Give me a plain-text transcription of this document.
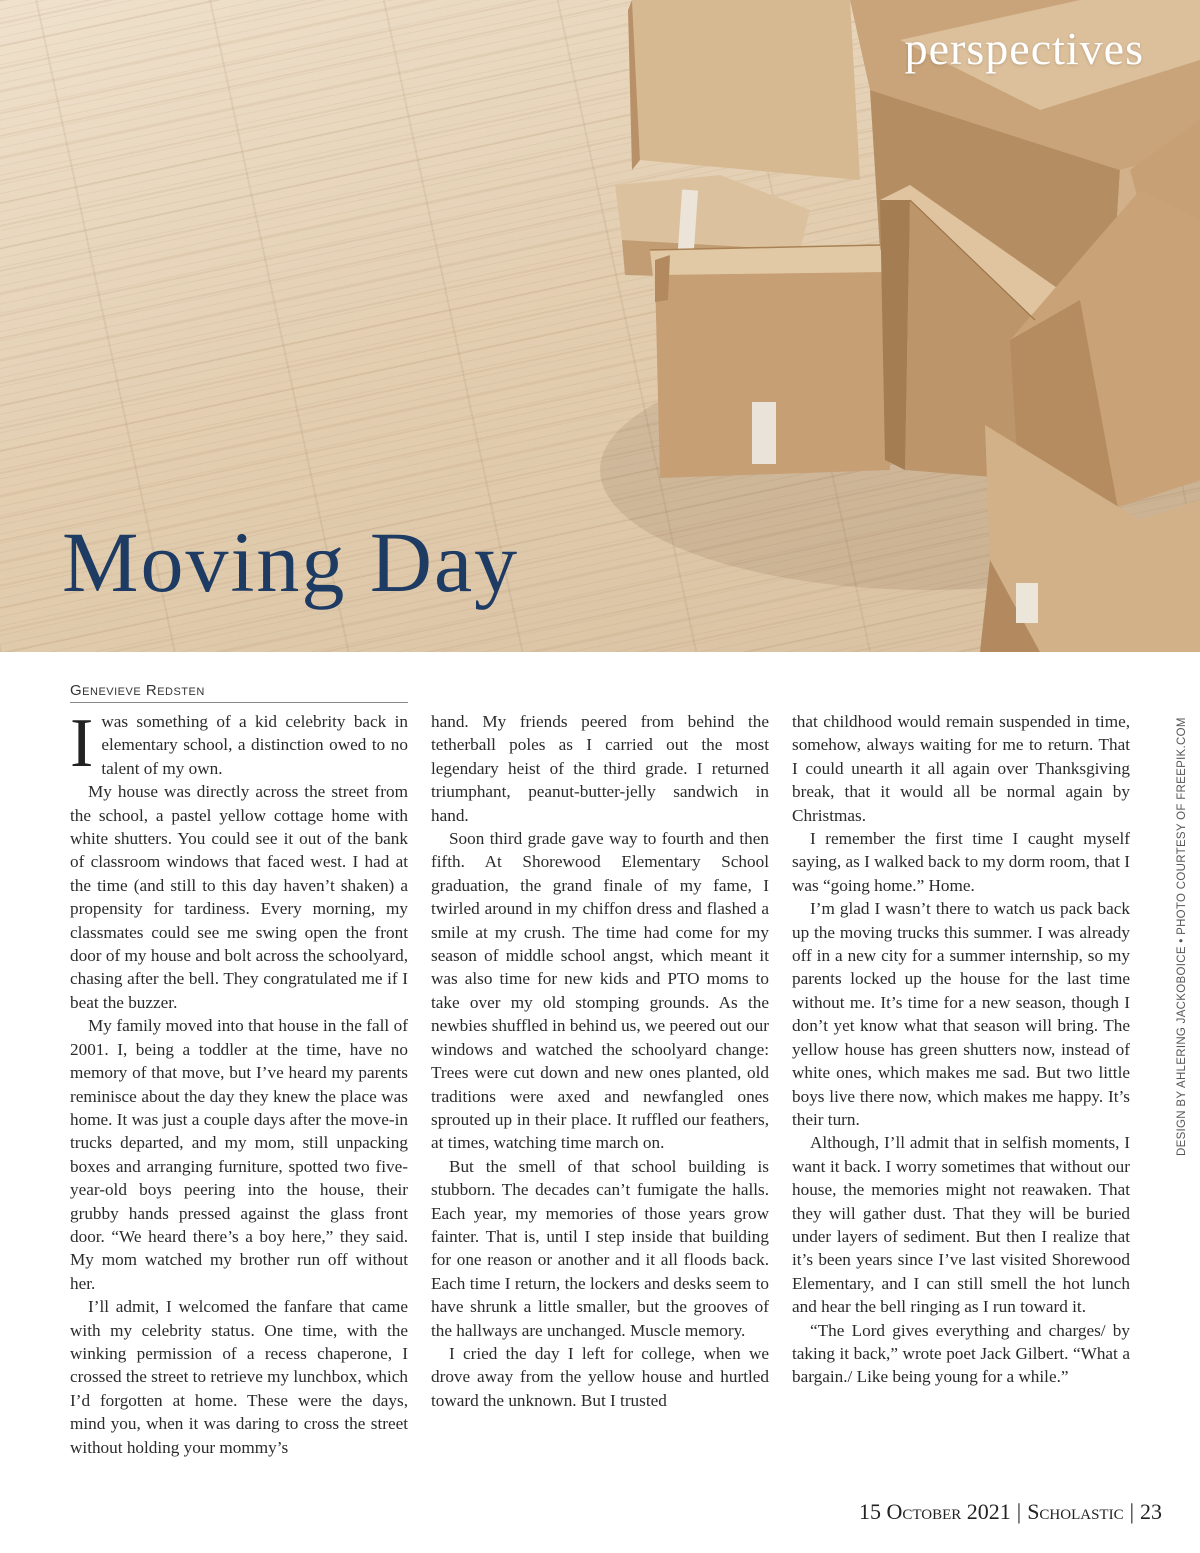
perspectives
Moving Day
Genevieve Redsten

Iwas something of a kid celebrity back in elementary school, a distinction owed to no talent of my own.

My house was directly across the street from the school, a pastel yellow cottage home with white shutters. You could see it out of the bank of classroom windows that faced west. I had at the time (and still to this day haven’t shaken) a propensity for tardiness. Every morning, my classmates could see me swing open the front door of my house and bolt across the schoolyard, chasing after the bell. They congratulated me if I beat the buzzer.

My family moved into that house in the fall of 2001. I, being a toddler at the time, have no memory of that move, but I’ve heard my parents reminisce about the day they knew the place was home. It was just a couple days after the move-in trucks departed, and my mom, still unpacking boxes and arranging furniture, spotted two five-year-old boys peering into the house, their grubby hands pressed against the glass front door. “We heard there’s a boy here,” they said. My mom watched my brother run off without her.

I’ll admit, I welcomed the fanfare that came with my celebrity status. One time, with the winking permission of a recess chaperone, I crossed the street to retrieve my lunchbox, which I’d forgotten at home. These were the days, mind you, when it was daring to cross the street without holding your mommy’s

hand. My friends peered from behind the tetherball poles as I carried out the most legendary heist of the third grade. I returned triumphant, peanut-butter-jelly sandwich in hand.

Soon third grade gave way to fourth and then fifth. At Shorewood Elementary School graduation, the grand finale of my fame, I twirled around in my chiffon dress and flashed a smile at my crush. The time had come for my season of middle school angst, which meant it was also time for new kids and PTO moms to take over my old stomping grounds. As the newbies shuffled in behind us, we peered out our windows and watched the schoolyard change: Trees were cut down and new ones planted, old traditions were axed and newfangled ones sprouted up in their place. It ruffled our feathers, at times, watching time march on.

But the smell of that school building is stubborn. The decades can’t fumigate the halls. Each year, my memories of those years grow fainter. That is, until I step inside that building for one reason or another and it all floods back. Each time I return, the lockers and desks seem to have shrunk a little smaller, but the grooves of the hallways are unchanged. Muscle memory.

I cried the day I left for college, when we drove away from the yellow house and hurtled toward the unknown. But I trusted

that childhood would remain suspended in time, somehow, always waiting for me to return. That I could unearth it all again over Thanksgiving break, that it would all be normal again by Christmas.

I remember the first time I caught myself saying, as I walked back to my dorm room, that I was “going home.” Home.

I’m glad I wasn’t there to watch us pack back up the moving trucks this summer. I was already off in a new city for a summer internship, so my parents locked up the house for the last time without me. It’s time for a new season, though I don’t yet know what that season will bring. The yellow house has green shutters now, instead of white ones, which makes me sad. But two little boys live there now, which makes me happy. It’s their turn.

Although, I’ll admit that in selfish moments, I want it back. I worry sometimes that without our house, the memories might not reawaken. That they will gather dust. That they will be buried under layers of sediment. But then I realize that it’s been years since I’ve last visited Shorewood Elementary, and I can still smell the hot lunch and hear the bell ringing as I run toward it.

“The Lord gives everything and charges/ by taking it back,” wrote poet Jack Gilbert. “What a bargain./ Like being young for a while.”

DESIGN BY AHLERING JACKOBOICE • PHOTO COURTESY OF FREEPIK.COM
15 October 2021 | Scholastic | 23
